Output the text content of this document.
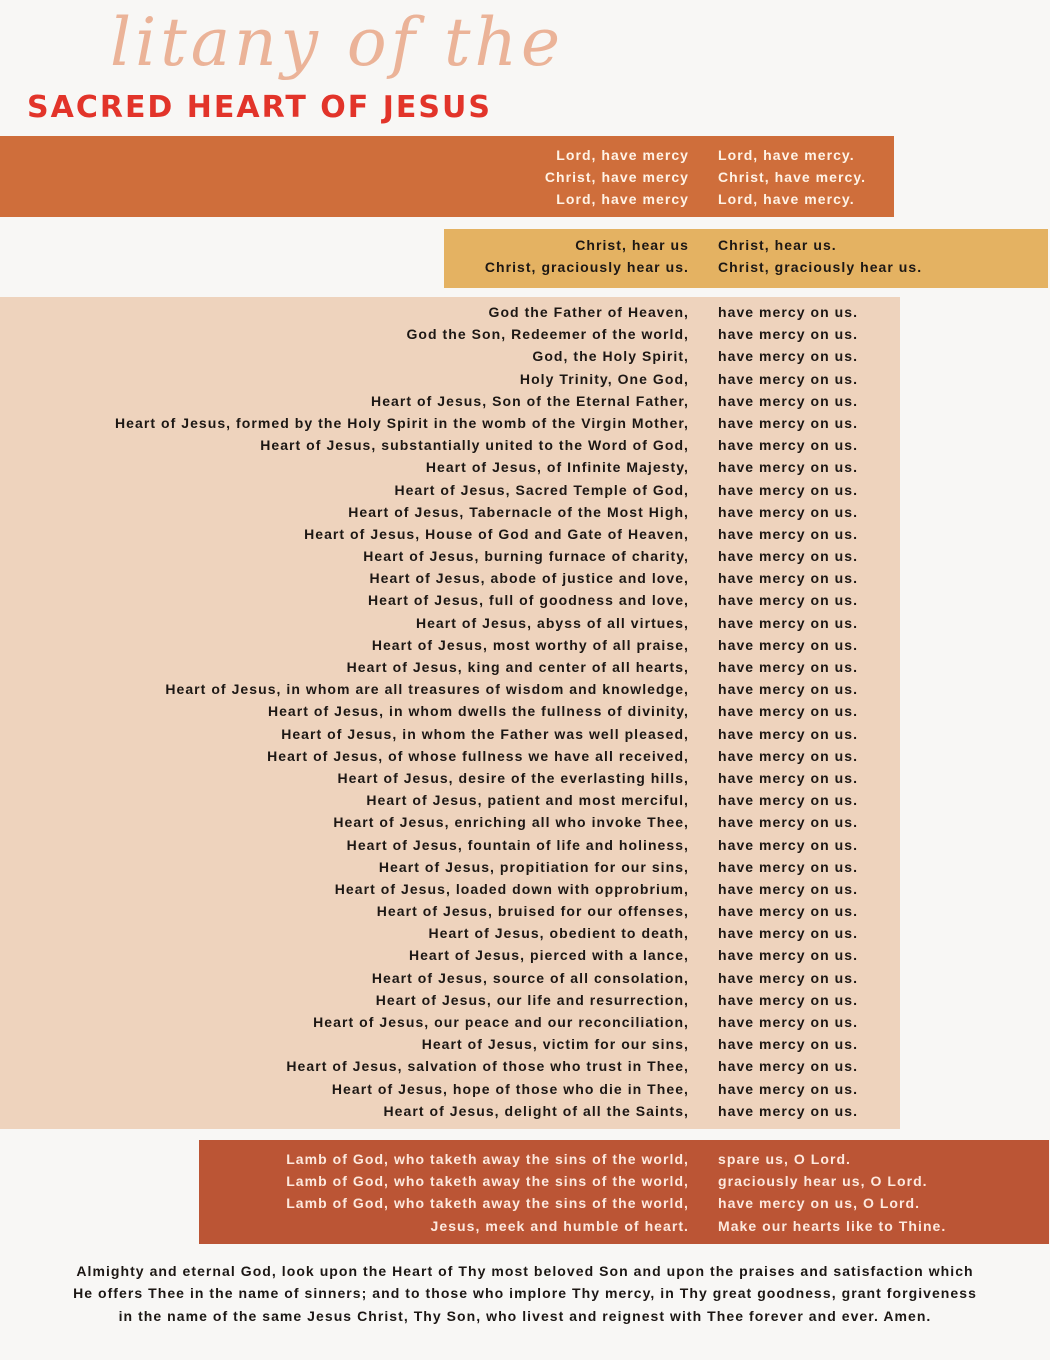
litany of the
SACRED HEART OF JESUS
Lord, have mercy Lord, have mercy.
Christ, have mercy Christ, have mercy.
Lord, have mercy Lord, have mercy.
Christ, hear us Christ, hear us.
Christ, graciously hear us. Christ, graciously hear us.
God the Father of Heaven, have mercy on us.
God the Son, Redeemer of the world, have mercy on us.
God, the Holy Spirit, have mercy on us.
Holy Trinity, One God, have mercy on us.
Heart of Jesus, Son of the Eternal Father, have mercy on us.
Heart of Jesus, formed by the Holy Spirit in the womb of the Virgin Mother, have mercy on us.
Heart of Jesus, substantially united to the Word of God, have mercy on us.
Heart of Jesus, of Infinite Majesty, have mercy on us.
Heart of Jesus, Sacred Temple of God, have mercy on us.
Heart of Jesus, Tabernacle of the Most High, have mercy on us.
Heart of Jesus, House of God and Gate of Heaven, have mercy on us.
Heart of Jesus, burning furnace of charity, have mercy on us.
Heart of Jesus, abode of justice and love, have mercy on us.
Heart of Jesus, full of goodness and love, have mercy on us.
Heart of Jesus, abyss of all virtues, have mercy on us.
Heart of Jesus, most worthy of all praise, have mercy on us.
Heart of Jesus, king and center of all hearts, have mercy on us.
Heart of Jesus, in whom are all treasures of wisdom and knowledge, have mercy on us.
Heart of Jesus, in whom dwells the fullness of divinity, have mercy on us.
Heart of Jesus, in whom the Father was well pleased, have mercy on us.
Heart of Jesus, of whose fullness we have all received, have mercy on us.
Heart of Jesus, desire of the everlasting hills, have mercy on us.
Heart of Jesus, patient and most merciful, have mercy on us.
Heart of Jesus, enriching all who invoke Thee, have mercy on us.
Heart of Jesus, fountain of life and holiness, have mercy on us.
Heart of Jesus, propitiation for our sins, have mercy on us.
Heart of Jesus, loaded down with opprobrium, have mercy on us.
Heart of Jesus, bruised for our offenses, have mercy on us.
Heart of Jesus, obedient to death, have mercy on us.
Heart of Jesus, pierced with a lance, have mercy on us.
Heart of Jesus, source of all consolation, have mercy on us.
Heart of Jesus, our life and resurrection, have mercy on us.
Heart of Jesus, our peace and our reconciliation, have mercy on us.
Heart of Jesus, victim for our sins, have mercy on us.
Heart of Jesus, salvation of those who trust in Thee, have mercy on us.
Heart of Jesus, hope of those who die in Thee, have mercy on us.
Heart of Jesus, delight of all the Saints, have mercy on us.
Lamb of God, who taketh away the sins of the world, spare us, O Lord.
Lamb of God, who taketh away the sins of the world, graciously hear us, O Lord.
Lamb of God, who taketh away the sins of the world, have mercy on us, O Lord.
Jesus, meek and humble of heart. Make our hearts like to Thine.
Almighty and eternal God, look upon the Heart of Thy most beloved Son and upon the praises and satisfaction which
He offers Thee in the name of sinners; and to those who implore Thy mercy, in Thy great goodness, grant forgiveness
in the name of the same Jesus Christ, Thy Son, who livest and reignest with Thee forever and ever. Amen.
